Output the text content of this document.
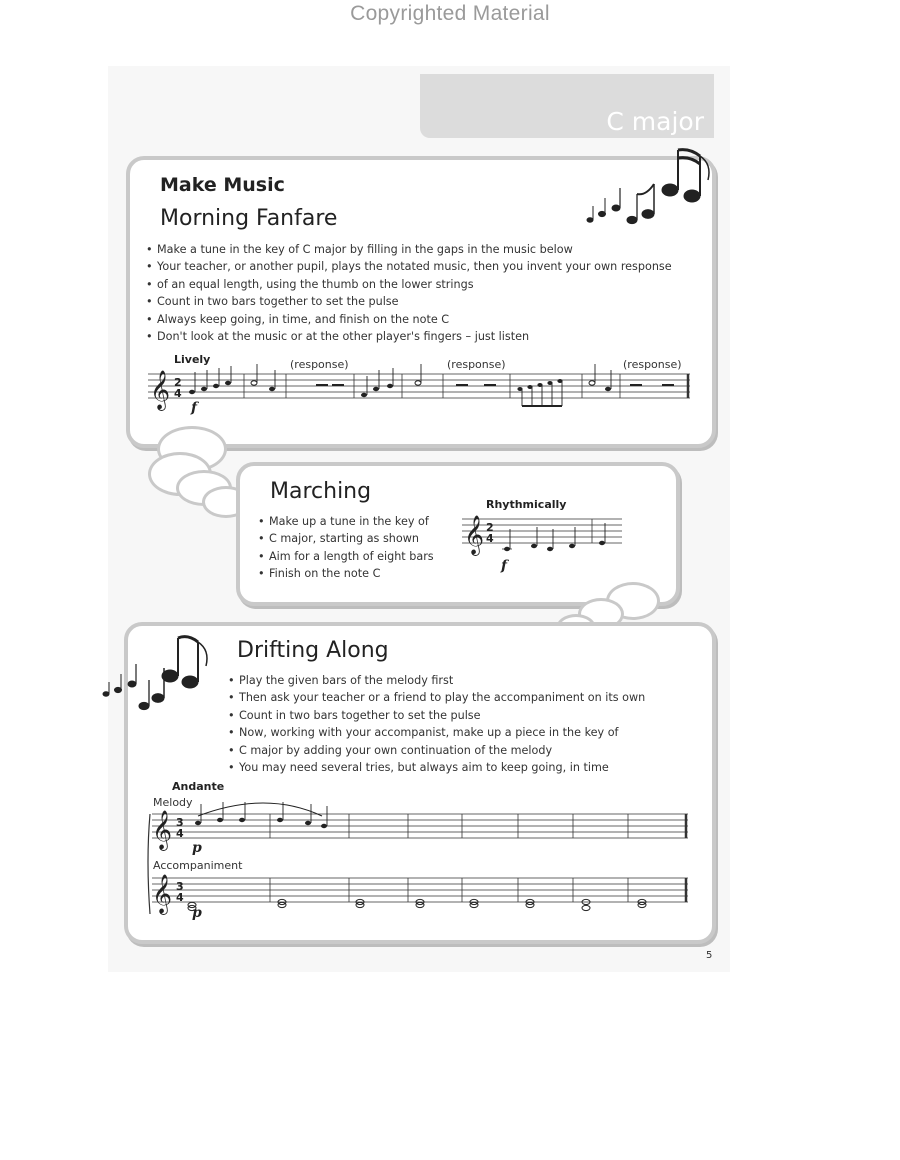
Copyrighted Material
C major
Make Music
Morning Fanfare
• Make a tune in the key of C major by filling in the gaps in the music below
• Your teacher, or another pupil, plays the notated music, then you invent your own response
• of an equal length, using the thumb on the lower strings
• Count in two bars together to set the pulse
• Always keep going, in time, and finish on the note C
• Don't look at the music or at the other player's fingers – just listen
Lively	(response)	(response)	(response)
𝄞 2
4
f
Marching
• Make up a tune in the key of
• C major, starting as shown
• Aim for a length of eight bars
• Finish on the note C
Rhythmically
𝄞 2
4
f
Drifting Along
• Play the given bars of the melody first
• Then ask your teacher or a friend to play the accompaniment on its own
• Count in two bars together to set the pulse
• Now, working with your accompanist, make up a piece in the key of
• C major by adding your own continuation of the melody
• You may need several tries, but always aim to keep going, in time
Andante
Melody
𝄞 3
4
p
Accompaniment
𝄞 3
4
p
5
